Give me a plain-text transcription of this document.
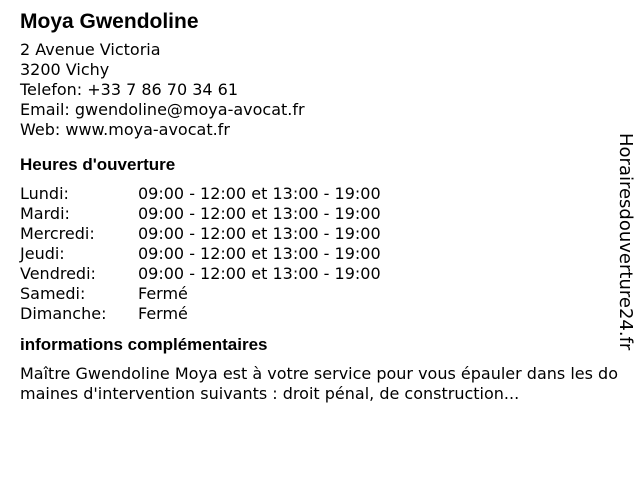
Moya Gwendoline
2 Avenue Victoria
3200 Vichy
Telefon: +33 7 86 70 34 61
Email: gwendoline@moya-avocat.fr
Web: www.moya-avocat.fr
Heures d'ouverture
Lundi:	09:00 - 12:00 et 13:00 - 19:00
Mardi:	09:00 - 12:00 et 13:00 - 19:00
Mercredi:	09:00 - 12:00 et 13:00 - 19:00
Jeudi:	09:00 - 12:00 et 13:00 - 19:00
Vendredi:	09:00 - 12:00 et 13:00 - 19:00
Samedi:	Fermé
Dimanche:	Fermé
informations complémentaires
Maître Gwendoline Moya est à votre service pour vous épauler dans les domaines d'intervention suivants : droit pénal, de construction...
Horairesdouverture24.fr
